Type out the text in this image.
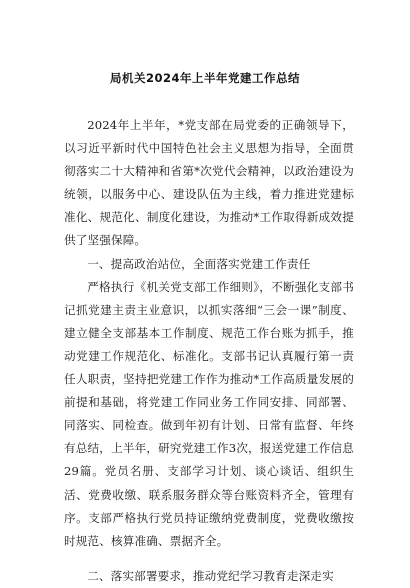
局机关2024年上半年党建工作总结

2024年上半年，*党支部在局党委的正确领导下，以习近平新时代中国特色社会主义思想为指导，全面贯彻落实二十大精神和省第*次党代会精神，以政治建设为统领，以服务中心、建设队伍为主线，着力推进党建标准化、规范化、制度化建设，为推动*工作取得新成效提供了坚强保障。

一、提高政治站位，全面落实党建工作责任

严格执行《机关党支部工作细则》，不断强化支部书记抓党建主责主业意识，以抓实落细“三会一课”制度、建立健全支部基本工作制度、规范工作台账为抓手，推动党建工作规范化、标准化。支部书记认真履行第一责任人职责，坚持把党建工作作为推动*工作高质量发展的前提和基础，将党建工作同业务工作同安排、同部署、同落实、同检查。做到年初有计划、日常有监督、年终有总结，上半年，研究党建工作3次，报送党建工作信息29篇。党员名册、支部学习计划、谈心谈话、组织生活、党费收缴、联系服务群众等台账资料齐全，管理有序。支部严格执行党员持证缴纳党费制度，党费收缴按时规范、核算准确、票据齐全。

二、落实部署要求，推动党纪学习教育走深走实
